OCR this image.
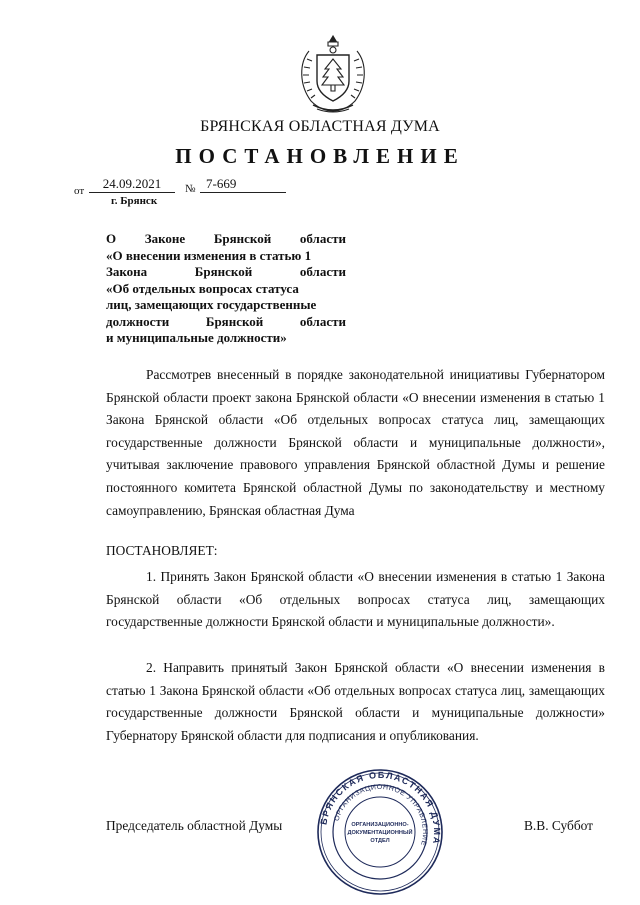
БРЯНСКАЯ ОБЛАСТНАЯ ДУМА
ПОСТАНОВЛЕНИЕ
от	24.09.2021	№ 7-669
г. Брянск
О Законе Брянской области
«О внесении изменения в статью 1
Закона Брянской области
«Об отдельных вопросах статуса
лиц, замещающих государственные
должности Брянской области
и муниципальные должности»
Рассмотрев внесенный в порядке законодательной инициативы Губернатором Брянской области проект закона Брянской области «О внесении изменения в статью 1 Закона Брянской области «Об отдельных вопросах статуса лиц, замещающих государственные должности Брянской области и муниципальные должности», учитывая заключение правового управления Брянской областной Думы и решение постоянного комитета Брянской областной Думы по законодательству и местному самоуправлению, Брянская областная Дума
ПОСТАНОВЛЯЕТ:
1. Принять Закон Брянской области «О внесении изменения в статью 1 Закона Брянской области «Об отдельных вопросах статуса лиц, замещающих государственные должности Брянской области и муниципальные должности».
2. Направить принятый Закон Брянской области «О внесении изменения в статью 1 Закона Брянской области «Об отдельных вопросах статуса лиц, замещающих государственные должности Брянской области и муниципальные должности» Губернатору Брянской области для подписания и опубликования.
Председатель областной Думы	В.В. Суббот
БРЯНСКАЯ ОБЛАСТНАЯ ДУМА
ОРГАНИЗАЦИОННОЕ УПРАВЛЕНИЕ
ОРГАНИЗАЦИОННО-
ДОКУМЕНТАЦИОННЫЙ
ОТДЕЛ
